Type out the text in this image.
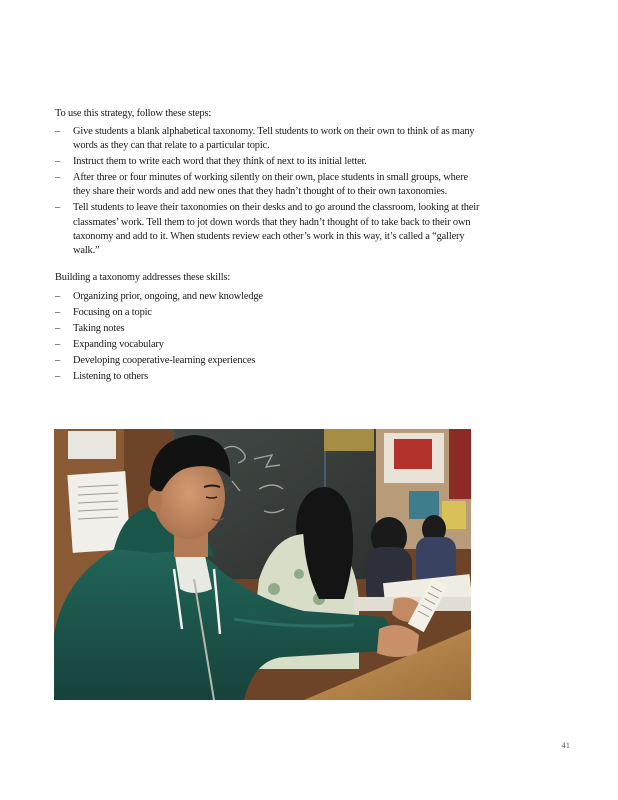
To use this strategy, follow these steps:

– Give students a blank alphabetical taxonomy. Tell students to work on their own to think of as many words as they can that relate to a particular topic.
– Instruct them to write each word that they think of next to its initial letter.
– After three or four minutes of working silently on their own, place students in small groups, where they share their words and add new ones that they hadn’t thought of to their own taxonomies.
– Tell students to leave their taxonomies on their desks and to go around the classroom, looking at their classmates’ work. Tell them to jot down words that they hadn’t thought of to take back to their own taxonomy and add to it. When students review each other’s work in this way, it’s called a “gallery walk.”

Building a taxonomy addresses these skills:

– Organizing prior, ongoing, and new knowledge
– Focusing on a topic
– Taking notes
– Expanding vocabulary
– Developing cooperative-learning experiences
– Listening to others
41
